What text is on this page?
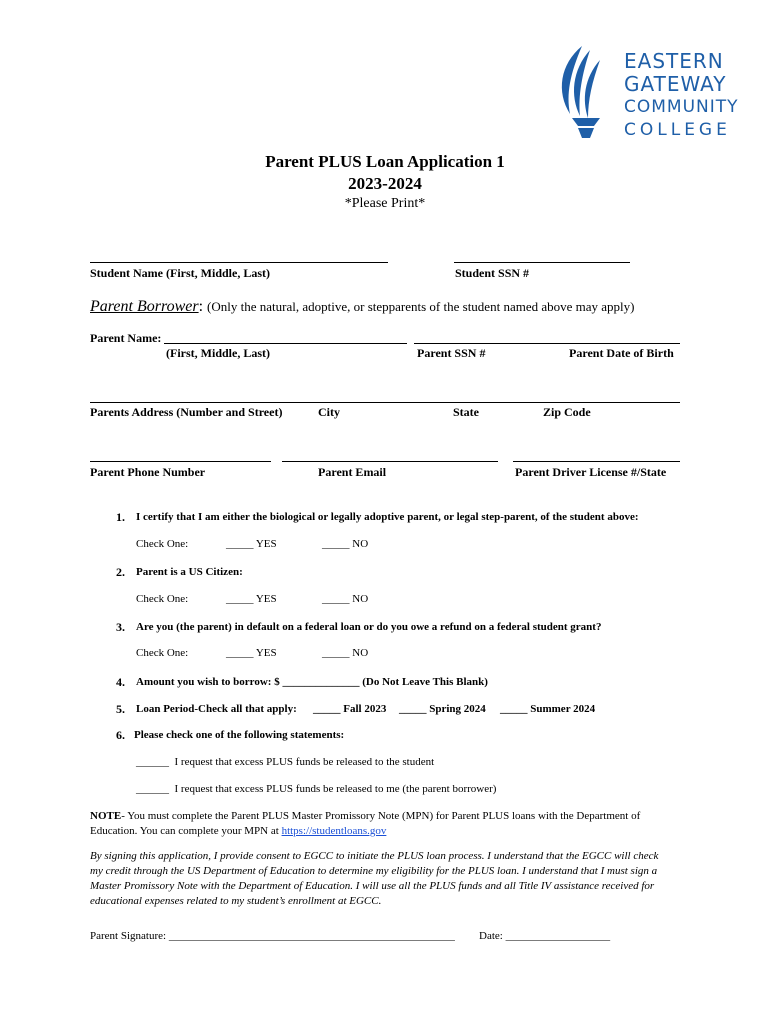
EASTERN
GATEWAY
COMMUNITY
COLLEGE
Parent PLUS Loan Application 1
2023-2024
*Please Print*
Student Name (First, Middle, Last)	Student SSN #
Parent Borrower: (Only the natural, adoptive, or stepparents of the student named above may apply)
Parent Name:
(First, Middle, Last)	Parent SSN #	Parent Date of Birth
Parents Address (Number and Street)	City	State	Zip Code
Parent Phone Number	Parent Email	Parent Driver License #/State
1. I certify that I am either the biological or legally adoptive parent, or legal step-parent, of the student above:
Check One:	_____ YES	_____ NO
2. Parent is a US Citizen:
Check One:	_____ YES	_____ NO
3. Are you (the parent) in default on a federal loan or do you owe a refund on a federal student grant?
Check One:	_____ YES	_____ NO
4. Amount you wish to borrow: $ ______________ (Do Not Leave This Blank)
5. Loan Period-Check all that apply: _____ Fall 2023 _____ Spring 2024 _____ Summer 2024
6. Please check one of the following statements:
______  I request that excess PLUS funds be released to the student
______  I request that excess PLUS funds be released to me (the parent borrower)
NOTE- You must complete the Parent PLUS Master Promissory Note (MPN) for Parent PLUS loans with the Department of
Education. You can complete your MPN at https://studentloans.gov
By signing this application, I provide consent to EGCC to initiate the PLUS loan process. I understand that the EGCC will check
my credit through the US Department of Education to determine my eligibility for the PLUS loan. I understand that I must sign a
Master Promissory Note with the Department of Education. I will use all the PLUS funds and all Title IV assistance received for
educational expenses related to my student’s enrollment at EGCC.
Parent Signature: ____________________________________________________ Date: ___________________
